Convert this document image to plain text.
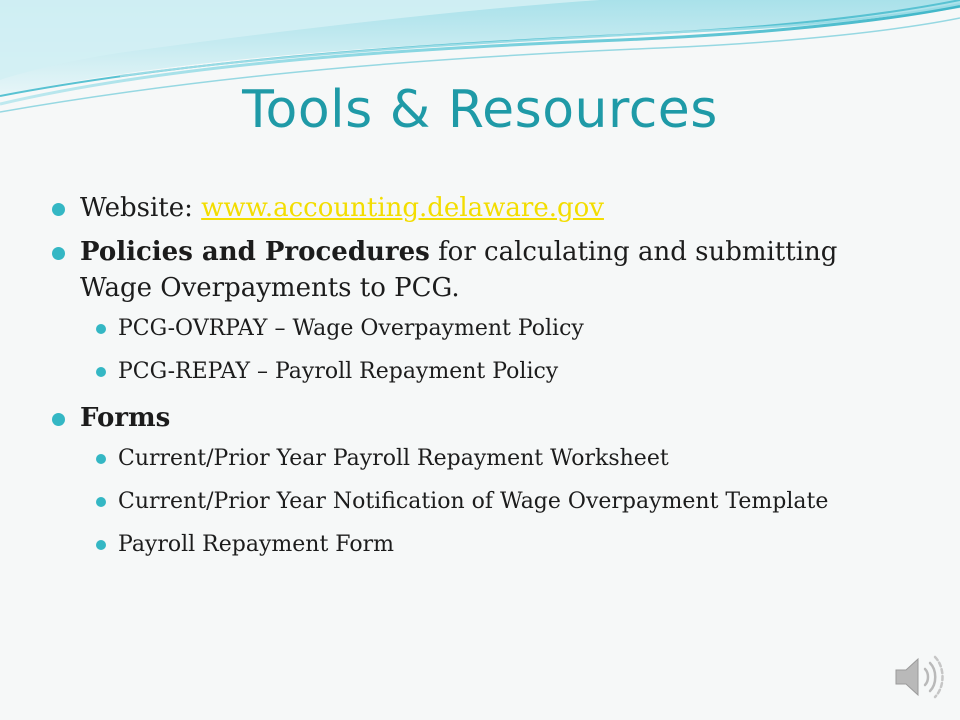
Tools & Resources
Website: www.accounting.delaware.gov
Policies and Procedures for calculating and submitting Wage Overpayments to PCG.
PCG-OVRPAY – Wage Overpayment Policy
PCG-REPAY – Payroll Repayment Policy
Forms
Current/Prior Year Payroll Repayment Worksheet
Current/Prior Year Notification of Wage Overpayment Template
Payroll Repayment Form
